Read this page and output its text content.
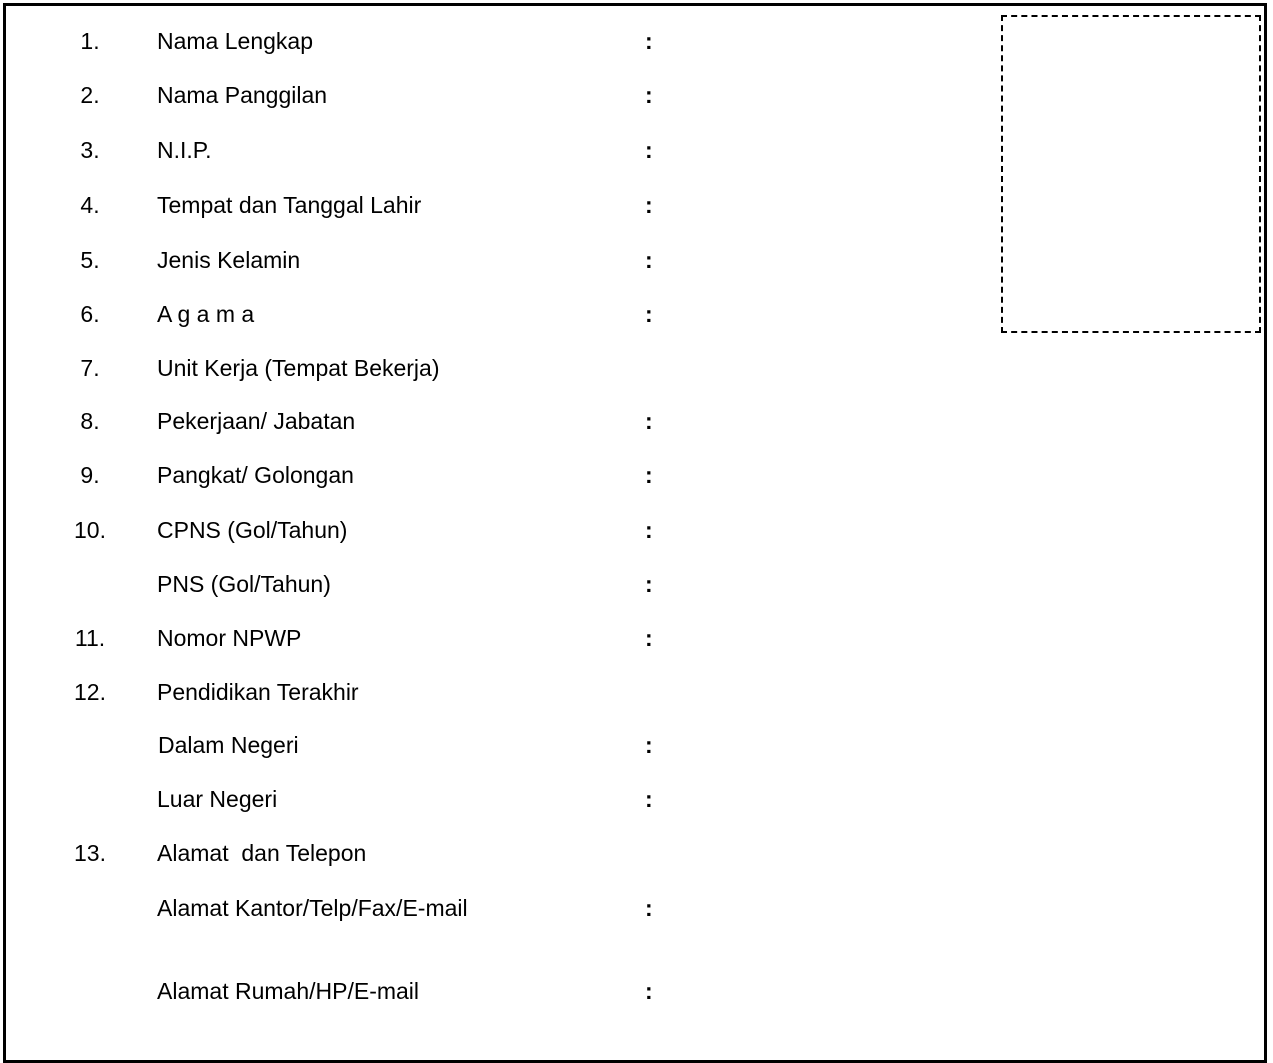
1.	Nama Lengkap	:
2.	Nama Panggilan	:
3.	N.I.P.	:
4.	Tempat dan Tanggal Lahir	:
5.	Jenis Kelamin	:
6.	A g a m a	:
7.	Unit Kerja (Tempat Bekerja)
8.	Pekerjaan/ Jabatan	:
9.	Pangkat/ Golongan	:
10.	CPNS (Gol/Tahun)	:
PNS (Gol/Tahun)	:
11.	Nomor NPWP	:
12.	Pendidikan Terakhir
Dalam Negeri	:
Luar Negeri	:
13.	Alamat  dan Telepon
Alamat Kantor/Telp/Fax/E-mail	:
Alamat Rumah/HP/E-mail	:
